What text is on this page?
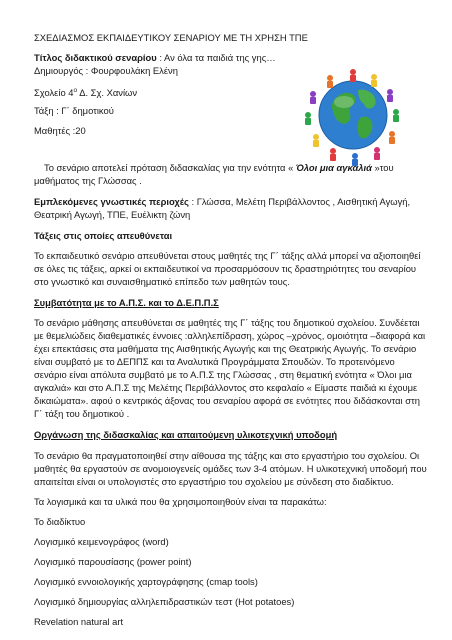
ΣΧΕΔΙΑΣΜΟΣ ΕΚΠΑΙΔΕΥΤΙΚΟΥ ΣΕΝΑΡΙΟΥ ΜΕ ΤΗ ΧΡΗΣΗ ΤΠΕ
Τίτλος διδακτικού σεναρίου : Αν όλα τα παιδιά της γης…
Δημιουργός : Φουρφουλάκη Ελένη
Σχολείο $4^o$ Δ. Σχ. Χανίων
Τάξη : Γ΄ δημοτικού
Μαθητές :20
Το σενάριο αποτελεί πρόταση διδασκαλίας για την ενότητα « Όλοι μια αγκαλιά »του
μαθήματος της Γλώσσας .
Εμπλεκόμενες γνωστικές περιοχές : Γλώσσα, Μελέτη Περιβάλλοντος , Αισθητική Αγωγή,
Θεατρική Αγωγή, ΤΠΕ, Ευέλικτη ζώνη
Τάξεις στις οποίες απευθύνεται
Το εκπαιδευτικό σενάριο απευθύνεται στους μαθητές της Γ΄ τάξης αλλά μπορεί να αξιοποιηθεί
σε όλες τις τάξεις, αρκεί οι εκπαιδευτικοί να προσαρμόσουν τις δραστηριότητες του σεναρίου
στο γνωστικό και συναισθηματικό επίπεδο των μαθητών τους.
Συμβατότητα με το Α.Π.Σ. και το Δ.Ε.Π.Π.Σ
Το σενάριο μάθησης απευθύνεται σε μαθητές της Γ΄ τάξης του δημοτικού σχολείου. Συνδέεται
με θεμελιώδεις διαθεματικές έννοιες :αλληλεπίδραση, χώρος –χρόνος, ομοιότητα –διαφορά και
έχει επεκτάσεις στα μαθήματα της Αισθητικής Αγωγής και της Θεατρικής Αγωγής. Το σενάριο
είναι συμβατό με το ΔΕΠΠΣ και τα Αναλυτικά Προγράμματα Σπουδών. Το προτεινόμενο
σενάριο είναι απόλυτα συμβατό με το Α.Π.Σ της Γλώσσας , στη θεματική ενότητα « Όλοι μια
αγκαλιά» και στο Α.Π.Σ της Μελέτης Περιβάλλοντος στο κεφαλαίο « Είμαστε παιδιά κι έχουμε
δικαιώματα». αφού ο κεντρικός άξονας του σεναρίου αφορά σε ενότητες που διδάσκονται στη
Γ΄ τάξη του δημοτικού .
Οργάνωση της διδασκαλίας και απαιτούμενη υλικοτεχνική υποδομή
Το σενάριο θα πραγματοποιηθεί στην αίθουσα της τάξης και στο εργαστήριο του σχολείου. Οι
μαθητές θα εργαστούν σε ανομοιογενείς ομάδες των 3-4 ατόμων. Η υλικοτεχνική υποδομή που
απαιτείται είναι οι υπολογιστές στο εργαστήριο του σχολείου με σύνδεση στο διαδίκτυο.
Τα λογισμικά και τα υλικά που θα χρησιμοποιηθούν είναι τα παρακάτω:
Το διαδίκτυο
Λογισμικό κειμενογράφος (word)
Λογισμικό παρουσίασης (power point)
Λογισμικό εννοιολογικής χαρτογράφησης (cmap tools)
Λογισμικό δημιουργίας αλληλεπιδραστικών τεστ (Hot potatoes)
Revelation natural art
